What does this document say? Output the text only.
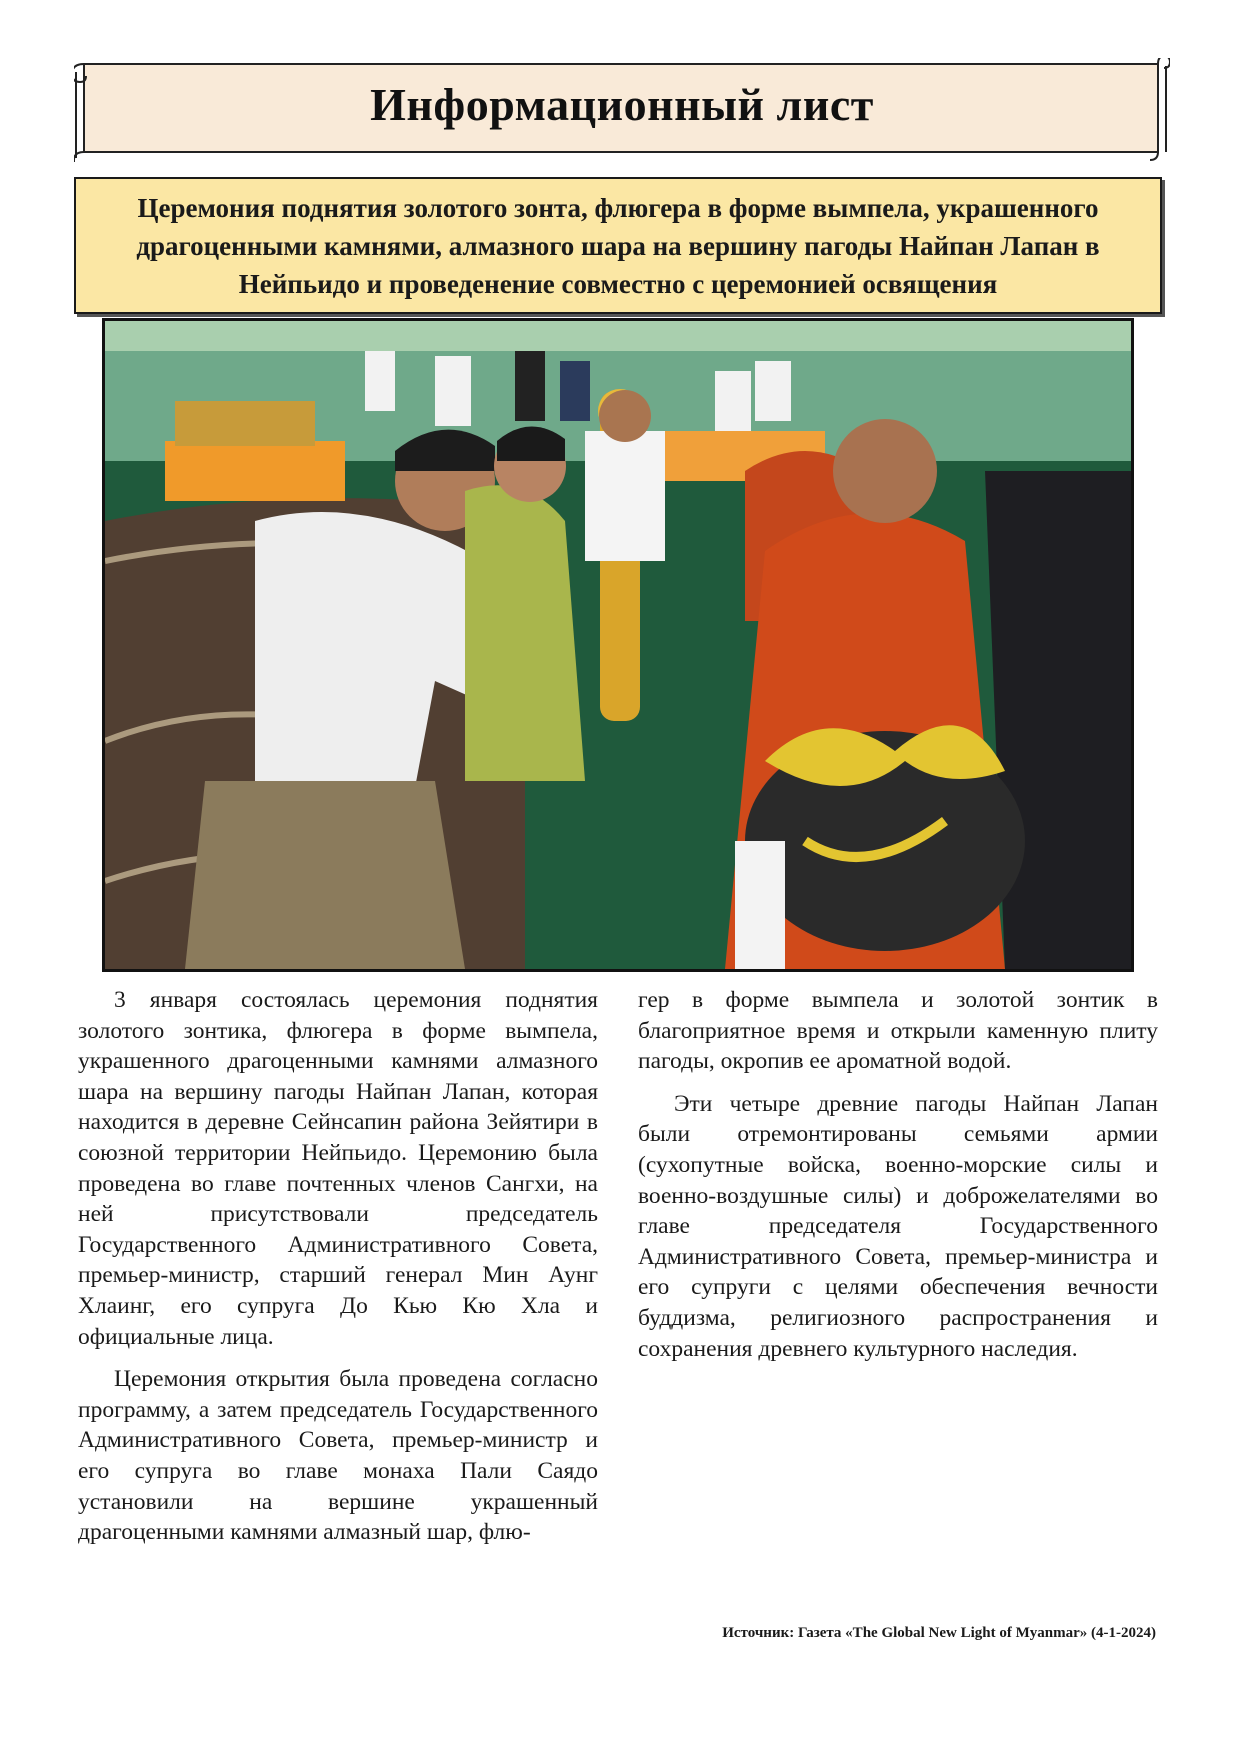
Информационный лист

Церемония поднятия золотого зонта, флюгера в форме вымпела, украшенного драгоценными камнями, алмазного шара на вершину пагоды Найпан Лапан в Нейпьидо и проведенение совместно с церемонией освящения

3 января состоялась церемония поднятия золотого зонтика, флюгера в форме вымпела, украшенного драгоценными камнями алмазного шара на вершину пагоды Найпан Лапан, которая находится в деревне Сейнсапин района Зейятири в союзной территории Нейпьидо. Церемонию была проведена во главе почтенных членов Сангхи, на ней присутствовали председатель Государственного Административного Совета, премьер-министр, старший генерал Мин Аунг Хлаинг, его супруга До Кью Кю Хла и официальные лица.

Церемония открытия была проведена согласно программу, а затем председатель Государственного Административного Совета, премьер-министр и его супруга во главе монаха Пали Саядо установили на вершине украшенный драгоценными камнями алмазный шар, флю-

гер в форме вымпела и золотой зонтик в благоприятное время и открыли каменную плиту пагоды, окропив ее ароматной водой.

Эти четыре древние пагоды Найпан Лапан были отремонтированы семьями армии (сухопутные войска, военно-морские силы и военно-воздушные силы) и доброжелателями во главе председателя Государственного Административного Совета, премьер-министра и его супруги с целями обеспечения вечности буддизма, религиозного распространения и сохранения древнего культурного наследия.

Источник: Газета «The Global New Light of Myanmar» (4-1-2024)
